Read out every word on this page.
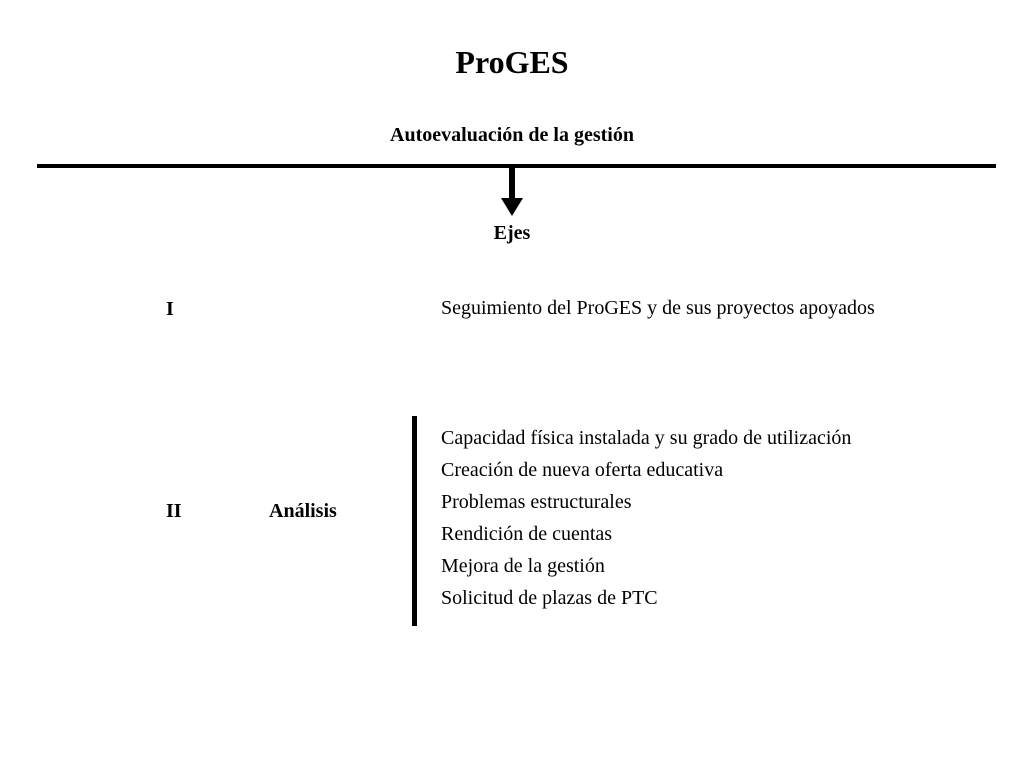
ProGES
Autoevaluación de la gestión
Ejes
I	Seguimiento del ProGES y de sus proyectos apoyados
II	Análisis
Capacidad física instalada y su grado de utilización
Creación de nueva oferta educativa
Problemas estructurales
Rendición de cuentas
Mejora de la gestión
Solicitud de plazas de PTC
